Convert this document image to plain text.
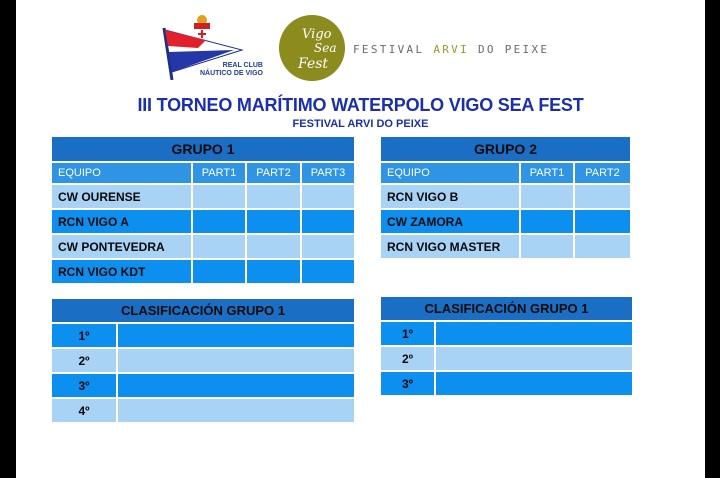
REAL CLUB
NÁUTICO DE VIGO
Vigo
Sea
Fest
FESTIVAL ARVI DO PEIXE
III TORNEO MARÍTIMO WATERPOLO VIGO SEA FEST
FESTIVAL ARVI DO PEIXE
GRUPO 1			
EQUIPO	PART1	PART2	PART3
CW OURENSE			
RCN VIGO A			
CW PONTEVEDRA			
RCN VIGO KDT			
GRUPO 2		
EQUIPO	PART1	PART2
RCN VIGO B		
CW ZAMORA		
RCN VIGO MASTER		
CLASIFICACIÓN GRUPO 1	
1º	
2º	
3º	
4º	
CLASIFICACIÓN GRUPO 1	
1º	
2º	
3º	
